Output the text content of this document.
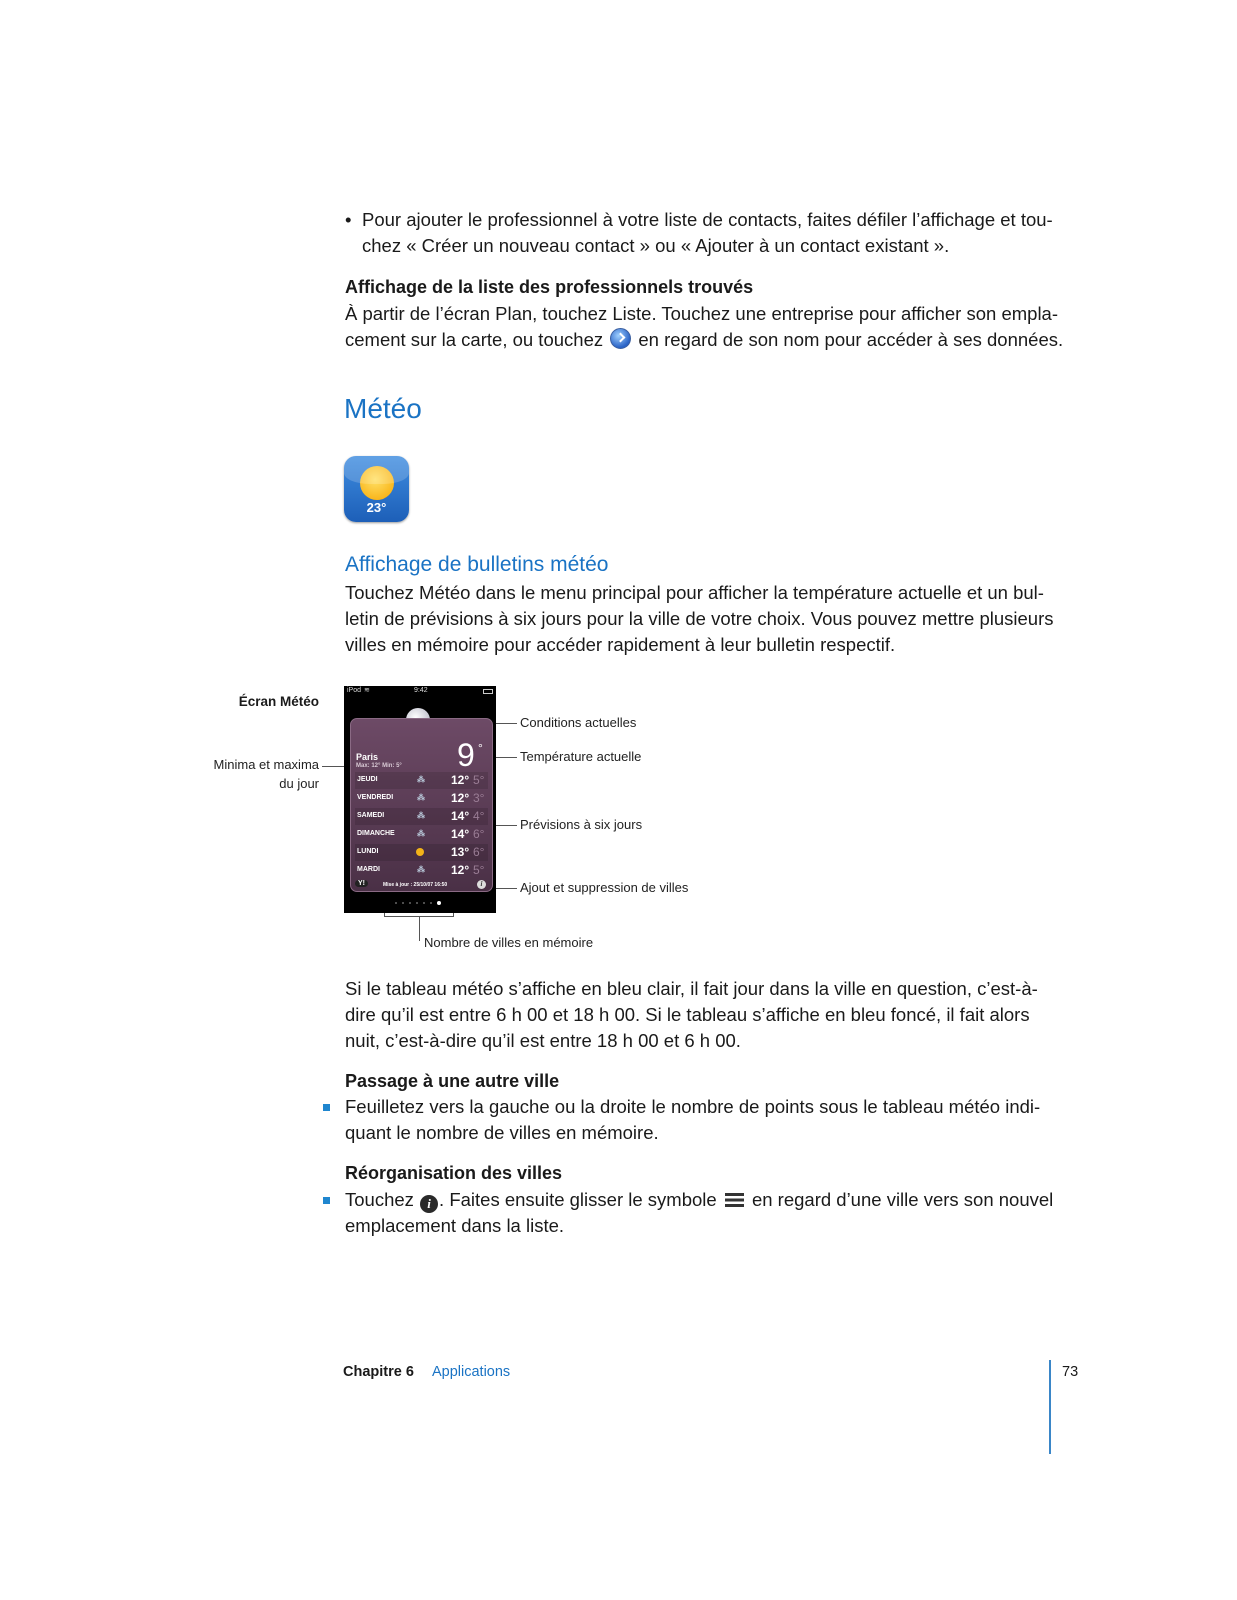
• Pour ajouter le professionnel à votre liste de contacts, faites défiler l’affichage et tou-
chez « Créer un nouveau contact » ou « Ajouter à un contact existant ».
Affichage de la liste des professionnels trouvés
À partir de l’écran Plan, touchez Liste. Touchez une entreprise pour afficher son empla-
cement sur la carte, ou touchez en regard de son nom pour accéder à ses données.
Météo
23°
Affichage de bulletins météo
Touchez Météo dans le menu principal pour afficher la température actuelle et un bul-
letin de prévisions à six jours pour la ville de votre choix. Vous pouvez mettre plusieurs
villes en mémoire pour accéder rapidement à leur bulletin respectif.
Écran Météo
Minima et maxima
du jour
Conditions actuelles
Température actuelle
Prévisions à six jours
Ajout et suppression de villes
Nombre de villes en mémoire
iPod ≋	9:42
Paris
Max: 12° Min: 5° 9 °
JEUDI	⁂ 12° 5°
VENDREDI	⁂ 12° 3°
SAMEDI	⁂ 14° 4°
DIMANCHE	⁂ 14° 6°
LUNDI	13° 6°
MARDI	⁂ 12° 5°
Y!	Mise à jour : 25/10/07 16:50	i
Si le tableau météo s’affiche en bleu clair, il fait jour dans la ville en question, c’est-à-
dire qu’il est entre 6 h 00 et 18 h 00. Si le tableau s’affiche en bleu foncé, il fait alors
nuit, c’est-à-dire qu’il est entre 18 h 00 et 6 h 00.
Passage à une autre ville
Feuilletez vers la gauche ou la droite le nombre de points sous le tableau météo indi-
quant le nombre de villes en mémoire.
Réorganisation des villes
Touchez i . Faites ensuite glisser le symbole en regard d’une ville vers son nouvel
emplacement dans la liste.
Chapitre 6 Applications	73
